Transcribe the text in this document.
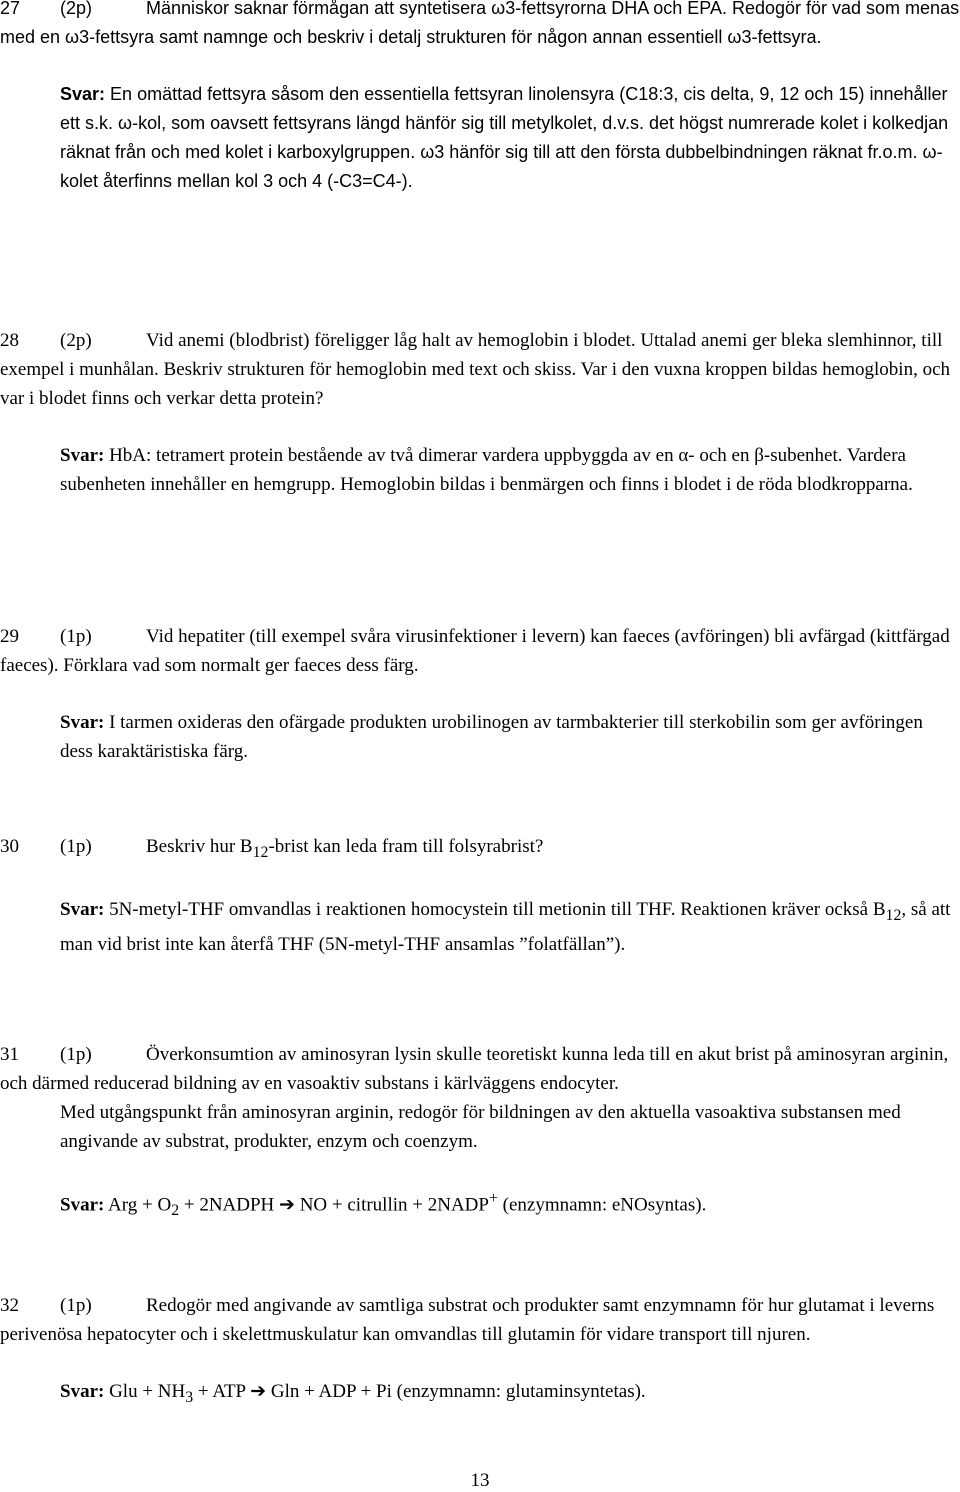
27 (2p)	Människor saknar förmågan att syntetisera ω3-fettsyrorna DHA och EPA. Redogör för vad som menas med en ω3-fettsyra samt namnge och beskriv i detalj strukturen för någon annan essentiell ω3-fettsyra.
Svar: En omättad fettsyra såsom den essentiella fettsyran linolensyra (C18:3, cis delta, 9, 12 och 15) innehåller ett s.k. ω-kol, som oavsett fettsyrans längd hänför sig till metylkolet, d.v.s. det högst numrerade kolet i kolkedjan räknat från och med kolet i karboxylgruppen. ω3 hänför sig till att den första dubbelbindningen räknat fr.o.m. ω-kolet återfinns mellan kol 3 och 4 (-C3=C4-).
28 (2p)	Vid anemi (blodbrist) föreligger låg halt av hemoglobin i blodet. Uttalad anemi ger bleka slemhinnor, till exempel i munhålan. Beskriv strukturen för hemoglobin med text och skiss. Var i den vuxna kroppen bildas hemoglobin, och var i blodet finns och verkar detta protein?
Svar: HbA: tetramert protein bestående av två dimerar vardera uppbyggda av en α- och en β-subenhet. Vardera subenheten innehåller en hemgrupp. Hemoglobin bildas i benmärgen och finns i blodet i de röda blodkropparna.
29 (1p)	Vid hepatiter (till exempel svåra virusinfektioner i levern) kan faeces (avföringen) bli avfärgad (kittfärgad faeces). Förklara vad som normalt ger faeces dess färg.
Svar: I tarmen oxideras den ofärgade produkten urobilinogen av tarmbakterier till sterkobilin som ger avföringen dess karaktäristiska färg.
30 (1p)	Beskriv hur $B_{12}$-brist kan leda fram till folsyrabrist?
Svar: 5N-metyl-THF omvandlas i reaktionen homocystein till metionin till THF. Reaktionen kräver också $B_{12}$, så att man vid brist inte kan återfå THF (5N-metyl-THF ansamlas ”folatfällan”).
31 (1p)	Överkonsumtion av aminosyran lysin skulle teoretiskt kunna leda till en akut brist på aminosyran arginin, och därmed reducerad bildning av en vasoaktiv substans i kärlväggens endocyter.
Med utgångspunkt från aminosyran arginin, redogör för bildningen av den aktuella vasoaktiva substansen med angivande av substrat, produkter, enzym och coenzym.
Svar: Arg + $O_2$ + 2NADPH ➔ NO + citrullin + 2NADP+ (enzymnamn: eNOsyntas).
32 (1p)	Redogör med angivande av samtliga substrat och produkter samt enzymnamn för hur glutamat i leverns perivenösa hepatocyter och i skelettmuskulatur kan omvandlas till glutamin för vidare transport till njuren.
Svar: Glu + $NH_3$ + ATP ➔ Gln + ADP + Pi (enzymnamn: glutaminsyntetas).
13
